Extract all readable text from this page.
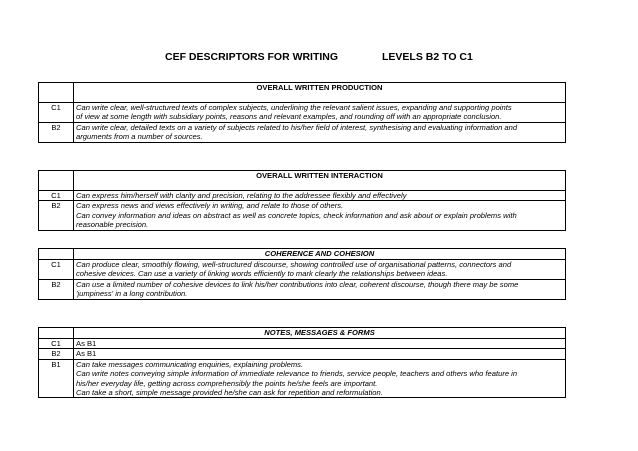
CEF DESCRIPTORS FOR WRITING	LEVELS B2 TO C1
	OVERALL WRITTEN PRODUCTION
C1	Can write clear, well-structured texts of complex subjects, underlining the relevant salient issues, expanding and supporting points
of view at some length with subsidiary points, reasons and relevant examples, and rounding off with an appropriate conclusion.

B2	Can write clear, detailed texts on a variety of subjects related to his/her field of interest, synthesising and evaluating information and
arguments from a number of sources.
	OVERALL WRITTEN INTERACTION
C1	Can express him/herself with clarity and precision, relating to the addressee flexibly and effectively

B2	Can express news and views effectively in writing, and relate to those of others.
Can convey information and ideas on abstract as well as concrete topics, check information and ask about or explain problems with
reasonable precision.
	COHERENCE AND COHESION
C1	Can produce clear, smoothly flowing, well-structured discourse, showing controlled use of organisational patterns, connectors and
cohesive devices. Can use a variety of linking words efficiently to mark clearly the relationships between ideas.

B2	Can use a limited number of cohesive devices to link his/her contributions into clear, coherent discourse, though there may be some
'jumpiness' in a long contribution.
	NOTES, MESSAGES & FORMS
C1	As B1

B2	As B1

B1	Can take messages communicating enquiries, explaining problems.
Can write notes conveying simple information of immediate relevance to friends, service people, teachers and others who feature in
his/her everyday life, getting across comprehensibly the points he/she feels are important.
Can take a short, simple message provided he/she can ask for repetition and reformulation.
